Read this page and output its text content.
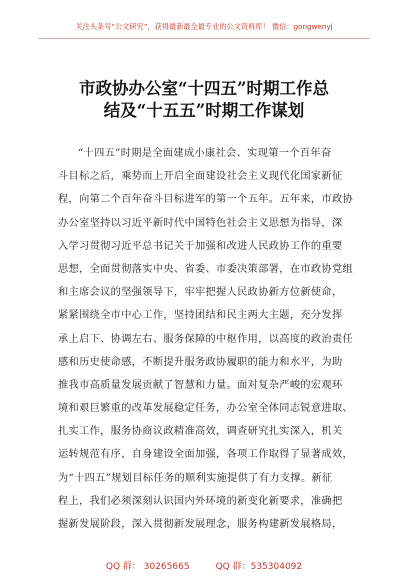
关注头条号“公文研究”，获得最新最全最专业的公文资料库！ 微信：gongwenyj
市政协办公室“十四五”时期工作总
结及“十五五”时期工作谋划
“十四五”时期是全面建成小康社会、实现第一个百年奋
斗目标之后，乘势而上开启全面建设社会主义现代化国家新征
程，向第二个百年奋斗目标进军的第一个五年。五年来，市政协
办公室坚持以习近平新时代中国特色社会主义思想为指导，深
入学习贯彻习近平总书记关于加强和改进人民政协工作的重要
思想，全面贯彻落实中央、省委、市委决策部署，在市政协党组
和主席会议的坚强领导下，牢牢把握人民政协新方位新使命，
紧紧围绕全市中心工作，坚持团结和民主两大主题，充分发挥
承上启下、协调左右、服务保障的中枢作用，以高度的政治责任
感和历史使命感，不断提升服务政协履职的能力和水平，为助
推我市高质量发展贡献了智慧和力量。面对复杂严峻的宏观环
境和艰巨繁重的改革发展稳定任务，办公室全体同志锐意进取、
扎实工作，服务协商议政精准高效，调查研究扎实深入，机关
运转规范有序，自身建设全面加强，各项工作取得了显著成效，
为“十四五”规划目标任务的顺利实施提供了有力支撑。新征
程上，我们必须深刻认识国内外环境的新变化新要求，准确把
握新发展阶段，深入贯彻新发展理念，服务构建新发展格局，
QQ 群： 30265665	QQ 群：535304092
